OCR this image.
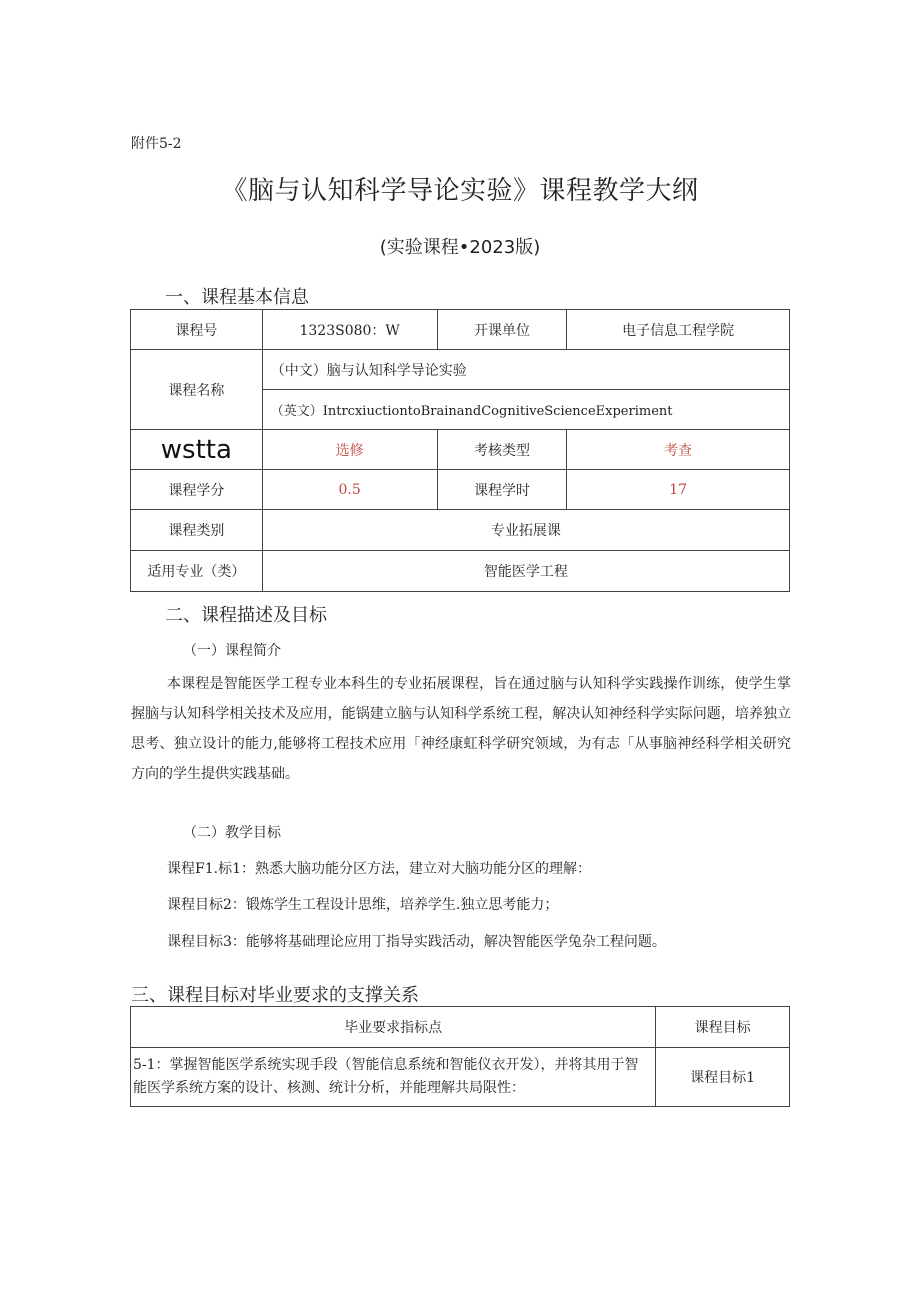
附件5-2
《脑与认知科学导论实验》课程教学大纲
(实验课程•2023版)
一、课程基本信息
课程号	1323S080：W	开课单位	电子信息工程学院
课程名称	（中文）脑与认知科学导论实验		
	（英文）IntrcxiuctiontoBrainandCognitiveScienceExperiment		
wstta	选修	考核类型	考查
课程学分	0.5	课程学时	17
课程类别	专业拓展课		
适用专业（类）	智能医学工程		
二、课程描述及目标
（一）课程简介
本课程是智能医学工程专业本科生的专业拓展课程，旨在通过脑与认知科学实践操作训练，使学生掌握脑与认知科学相关技术及应用，能锅建立脑与认知科学系统工程，解决认知神经科学实际问题，培养独立思考、独立设计的能力,能够将工程技术应用「神经康虹科学研究领域，为有志「从事脑神经科学相关研究方向的学生提供实践基础。
（二）教学目标
课程F1.标1：熟悉大脑功能分区方法，建立对大脑功能分区的理解：
课程目标2：锻炼学生工程设计思维，培养学生.独立思考能力；
课程目标3：能够将基础理论应用丁指导实践活动，解决智能医学兔杂工程问题。
三、课程目标对毕业要求的支撑关系
毕业要求指标点	课程目标
5-1：掌握智能医学系统实现手段（智能信息系统和智能仪衣开发），并将其用于智能医学系统方案的设计、核测、统计分析，并能理解共局限性：	课程目标1
